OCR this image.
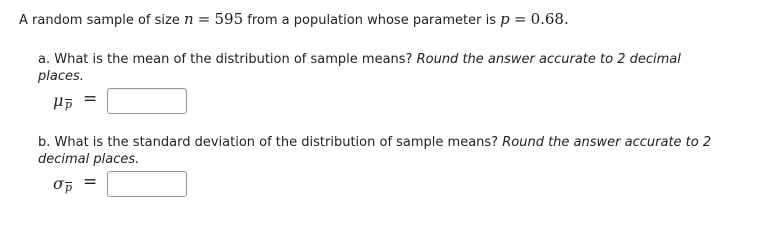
A random sample of size n = 595 from a population whose parameter is p = 0.68.
a. What is the mean of the distribution of sample means? Round the answer accurate to 2 decimal places.
μ p =
b. What is the standard deviation of the distribution of sample means? Round the answer accurate to 2 decimal places.
σ p =
